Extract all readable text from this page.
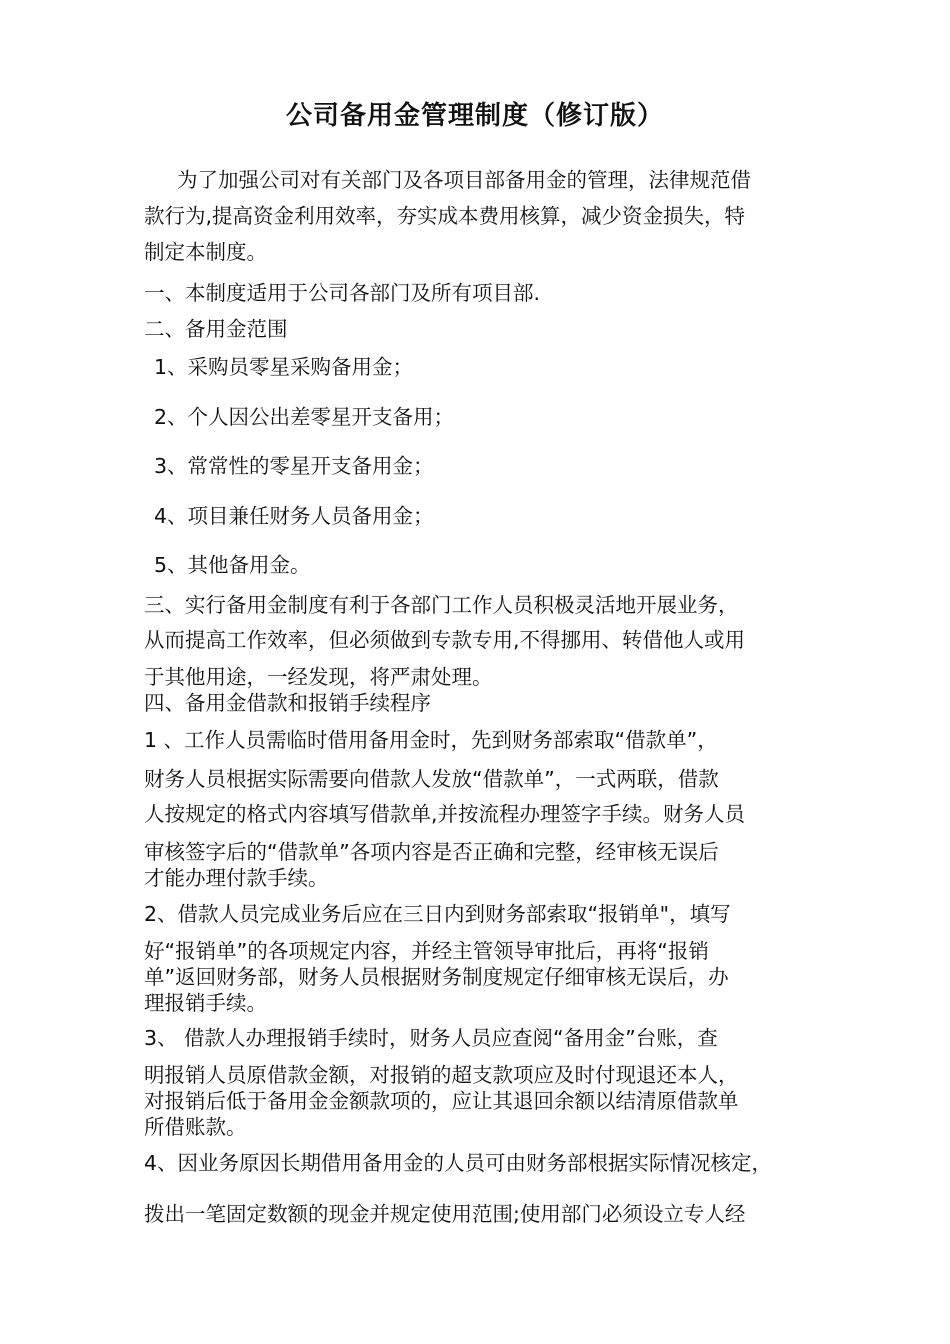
公司备用金管理制度（修订版）
为了加强公司对有关部门及各项目部备用金的管理，法律规范借
款行为,提高资金利用效率，夯实成本费用核算，减少资金损失，特
制定本制度。
一、本制度适用于公司各部门及所有项目部.
二、备用金范围
1、采购员零星采购备用金；
2、个人因公出差零星开支备用；
3、常常性的零星开支备用金；
4、项目兼任财务人员备用金；
5、其他备用金。
三、实行备用金制度有利于各部门工作人员积极灵活地开展业务，
从而提高工作效率，但必须做到专款专用,不得挪用、转借他人或用
于其他用途，一经发现，将严肃处理。
四、备用金借款和报销手续程序
1 、工作人员需临时借用备用金时，先到财务部索取“借款单”，
财务人员根据实际需要向借款人发放“借款单”，一式两联，借款
人按规定的格式内容填写借款单,并按流程办理签字手续。财务人员
审核签字后的“借款单”各项内容是否正确和完整，经审核无误后
才能办理付款手续。
2、借款人员完成业务后应在三日内到财务部索取“报销单"，填写
好“报销单”的各项规定内容，并经主管领导审批后，再将“报销
单”返回财务部，财务人员根据财务制度规定仔细审核无误后，办
理报销手续。
3、 借款人办理报销手续时，财务人员应查阅“备用金”台账，查
明报销人员原借款金额，对报销的超支款项应及时付现退还本人，
对报销后低于备用金金额款项的，应让其退回余额以结清原借款单
所借账款。
4、因业务原因长期借用备用金的人员可由财务部根据实际情况核定，
拨出一笔固定数额的现金并规定使用范围;使用部门必须设立专人经
